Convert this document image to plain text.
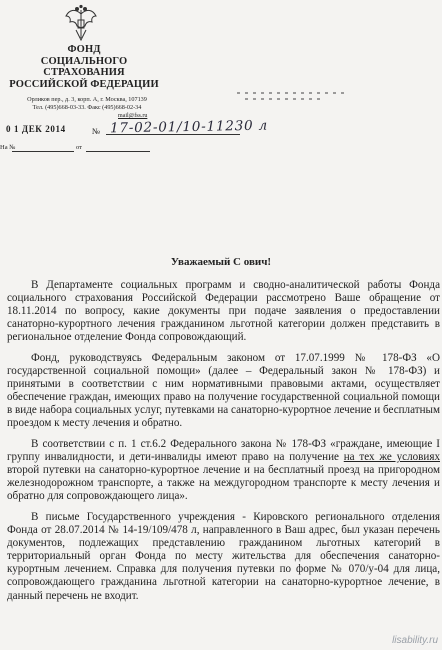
ФОНД
СОЦИАЛЬНОГО СТРАХОВАНИЯ
РОССИЙСКОЙ ФЕДЕРАЦИИ
Орликов пер., д. 3, корп. А, г. Москва, 107139
Тел. (495)668-03-33. Факс (495)668-02-34
mail@fss.ru
0 1 ДЕК 2014	№ 17-02-01/10-11230 л
На №	от
Уважаемый С ович!

В Департаменте социальных программ и сводно-аналитической работы Фонда социального страхования Российской Федерации рассмотрено Ваше обращение от 18.11.2014 по вопросу, какие документы при подаче заявления о предоставлении санаторно-курортного лечения гражданином льготной категории должен представить в региональное отделение Фонда сопровождающий.

Фонд, руководствуясь Федеральным законом от 17.07.1999 № 178-ФЗ «О государственной социальной помощи» (далее – Федеральный закон № 178-ФЗ) и принятыми в соответствии с ним нормативными правовыми актами, осуществляет обеспечение граждан, имеющих право на получение государственной социальной помощи в виде набора социальных услуг, путевками на санаторно-курортное лечение и бесплатным проездом к месту лечения и обратно.

В соответствии с п. 1 ст.6.2 Федерального закона № 178-ФЗ «граждане, имеющие I группу инвалидности, и дети-инвалиды имеют право на получение на тех же условиях второй путевки на санаторно-курортное лечение и на бесплатный проезд на пригородном железнодорожном транспорте, а также на междугородном транспорте к месту лечения и обратно для сопровождающего лица».

В письме Государственного учреждения - Кировского регионального отделения Фонда от 28.07.2014 № 14-19/109/478 л, направленного в Ваш адрес, был указан перечень документов, подлежащих представлению гражданином льготных категорий в территориальный орган Фонда по месту жительства для обеспечения санаторно-курортным лечением. Справка для получения путевки по форме № 070/у-04 для лица, сопровождающего гражданина льготной категории на санаторно-курортное лечение, в данный перечень не входит.

lisability.ru
